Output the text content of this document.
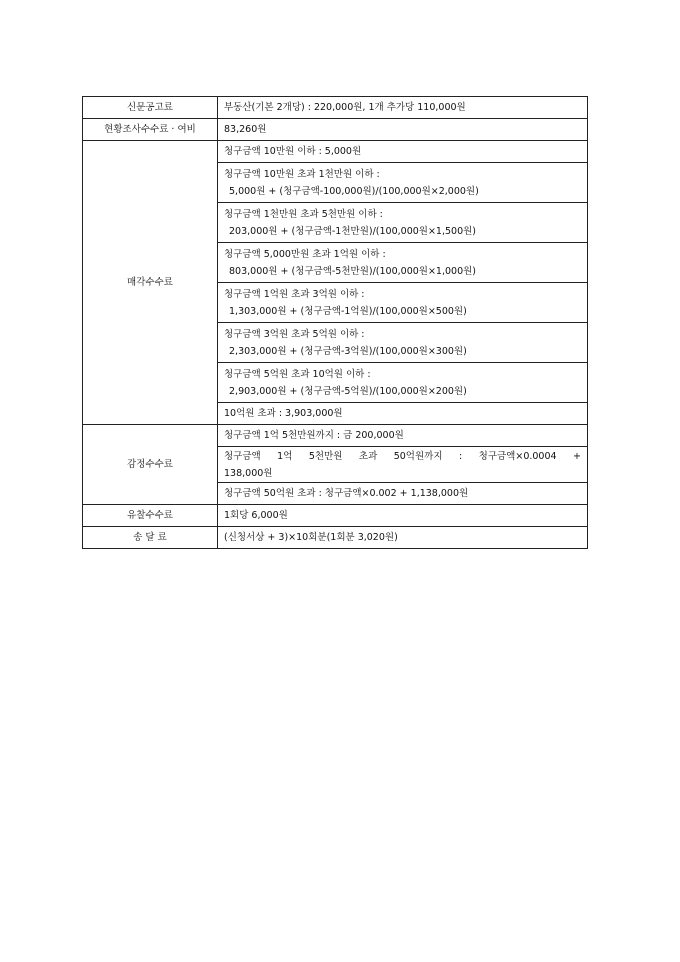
신문공고료	부동산(기본 2개당) : 220,000원, 1개 추가당 110,000원
현황조사수수료 · 여비	83,260원
매각수수료	청구금액 10만원 이하 : 5,000원

	청구금액 10만원 초과 1천만원 이하 :
5,000원 + (청구금액-100,000원)/(100,000원×2,000원)

	청구금액 1천만원 초과 5천만원 이하 :
203,000원 + (청구금액-1천만원)/(100,000원×1,500원)

	청구금액 5,000만원 초과 1억원 이하 :
803,000원 + (청구금액-5천만원)/(100,000원×1,000원)

	청구금액 1억원 초과 3억원 이하 :
1,303,000원 + (청구금액-1억원)/(100,000원×500원)

	청구금액 3억원 초과 5억원 이하 :
2,303,000원 + (청구금액-3억원)/(100,000원×300원)

	청구금액 5억원 초과 10억원 이하 :
2,903,000원 + (청구금액-5억원)/(100,000원×200원)

	10억원 초과 : 3,903,000원
감정수수료	청구금액 1억 5천만원까지 : 금 200,000원

	청구금액 1억 5천만원 초과 50억원까지 : 청구금액×0.0004 +
138,000원

	청구금액 50억원 초과 : 청구금액×0.002 + 1,138,000원
유찰수수료	1회당 6,000원
송 달 료	(신청서상 + 3)×10회분(1회분 3,020원)
